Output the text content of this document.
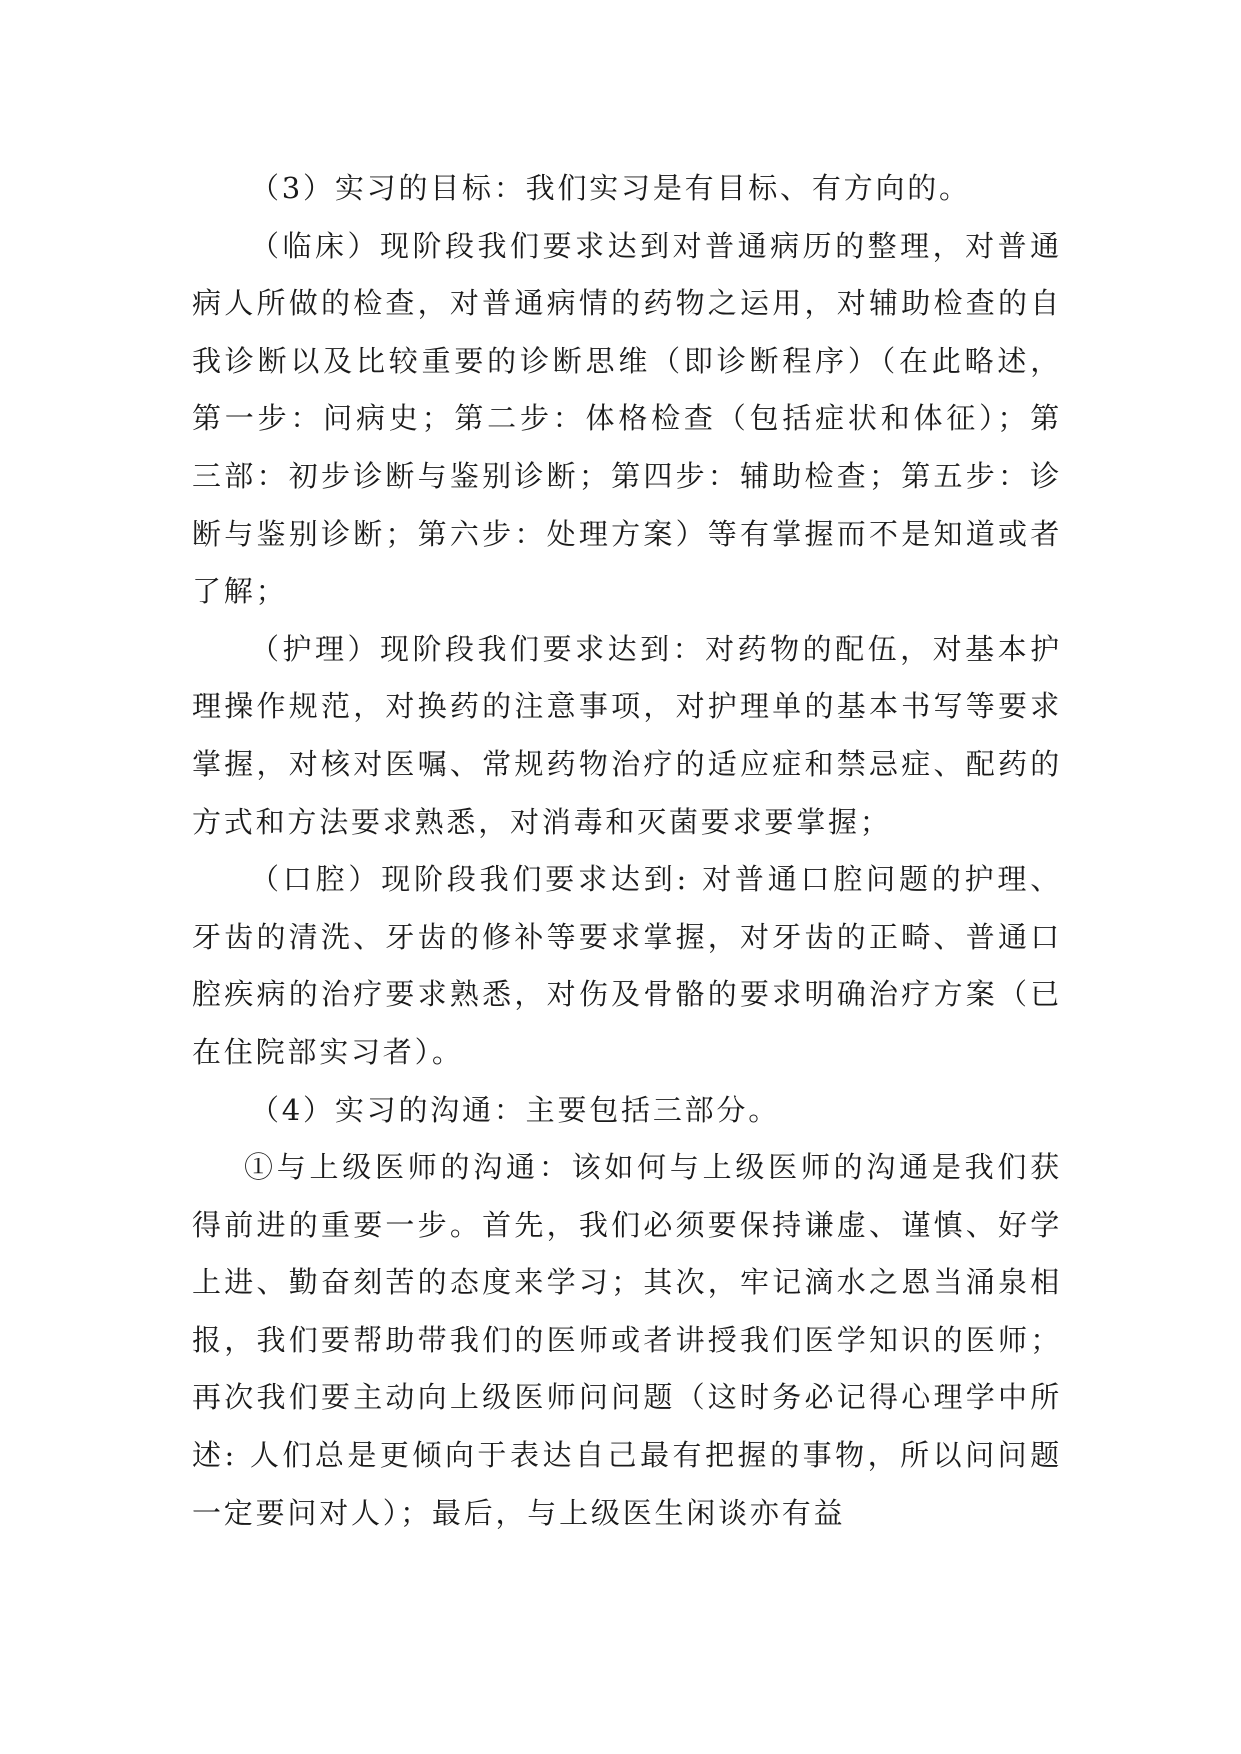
（3）实习的目标：我们实习是有目标、有方向的。

（临床）现阶段我们要求达到对普通病历的整理，对普通病人所做的检查，对普通病情的药物之运用，对辅助检查的自我诊断以及比较重要的诊断思维（即诊断程序）（在此略述，第一步：问病史；第二步：体格检查（包括症状和体征）；第三部：初步诊断与鉴别诊断；第四步：辅助检查；第五步：诊断与鉴别诊断；第六步：处理方案）等有掌握而不是知道或者了解；

（护理）现阶段我们要求达到：对药物的配伍，对基本护理操作规范，对换药的注意事项，对护理单的基本书写等要求掌握，对核对医嘱、常规药物治疗的适应症和禁忌症、配药的方式和方法要求熟悉，对消毒和灭菌要求要掌握；

（口腔）现阶段我们要求达到: 对普通口腔问题的护理、牙齿的清洗、牙齿的修补等要求掌握，对牙齿的正畸、普通口腔疾病的治疗要求熟悉，对伤及骨骼的要求明确治疗方案（已在住院部实习者）。

（4）实习的沟通：主要包括三部分。

①与上级医师的沟通：该如何与上级医师的沟通是我们获得前进的重要一步。首先，我们必须要保持谦虚、谨慎、好学上进、勤奋刻苦的态度来学习；其次，牢记滴水之恩当涌泉相报，我们要帮助带我们的医师或者讲授我们医学知识的医师；再次我们要主动向上级医师问问题（这时务必记得心理学中所述: 人们总是更倾向于表达自己最有把握的事物，所以问问题一定要问对人）；最后，与上级医生闲谈亦有益
